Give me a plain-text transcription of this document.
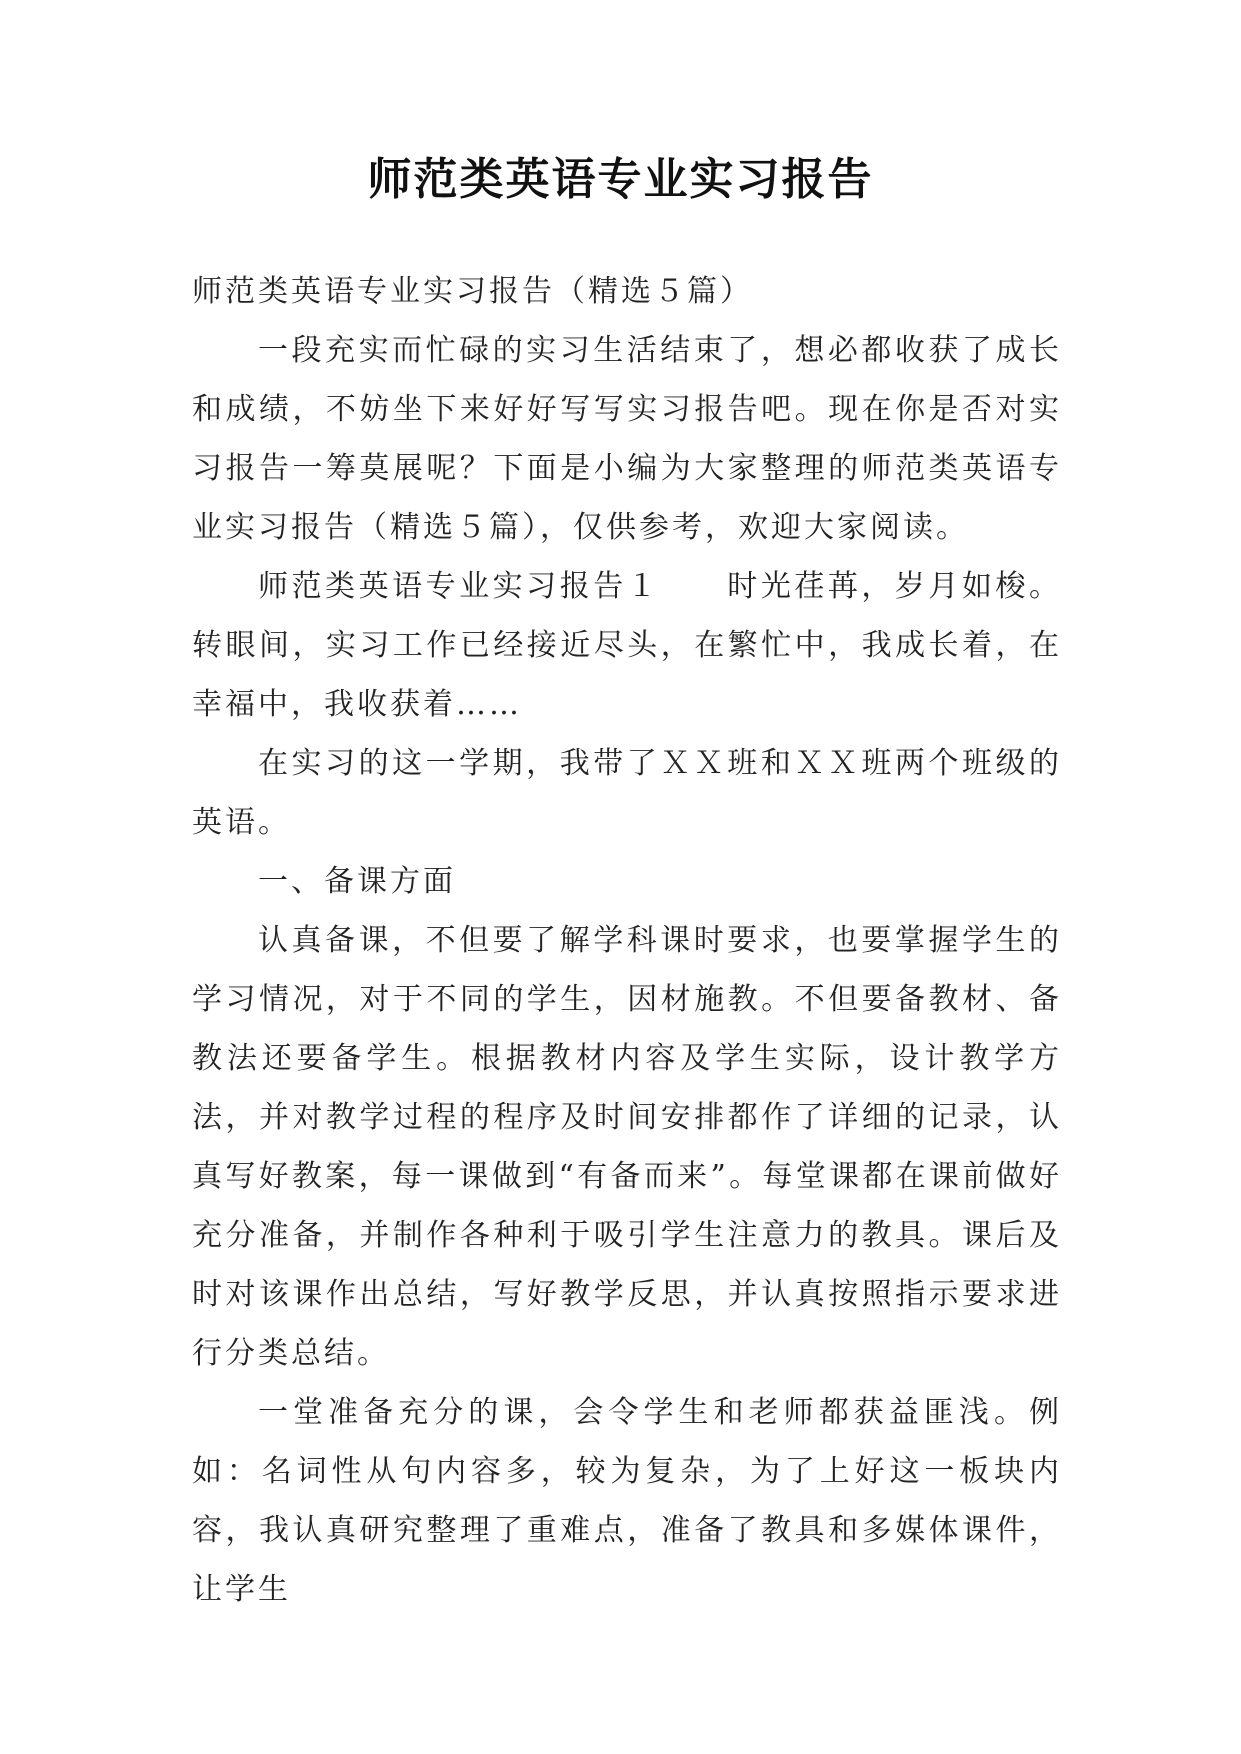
师范类英语专业实习报告

师范类英语专业实习报告（精选５篇）

一段充实而忙碌的实习生活结束了，想必都收获了成长和成绩，不妨坐下来好好写写实习报告吧。现在你是否对实习报告一筹莫展呢？下面是小编为大家整理的师范类英语专业实习报告（精选５篇），仅供参考，欢迎大家阅读。

师范类英语专业实习报告１　　时光荏苒，岁月如梭。转眼间，实习工作已经接近尽头，在繁忙中，我成长着，在幸福中，我收获着……

在实习的这一学期，我带了ＸＸ班和ＸＸ班两个班级的英语。

一、备课方面

认真备课，不但要了解学科课时要求，也要掌握学生的学习情况，对于不同的学生，因材施教。不但要备教材、备教法还要备学生。根据教材内容及学生实际，设计教学方法，并对教学过程的程序及时间安排都作了详细的记录，认真写好教案，每一课做到“有备而来”。每堂课都在课前做好充分准备，并制作各种利于吸引学生注意力的教具。课后及时对该课作出总结，写好教学反思，并认真按照指示要求进行分类总结。

一堂准备充分的课，会令学生和老师都获益匪浅。例如：名词性从句内容多，较为复杂，为了上好这一板块内容，我认真研究整理了重难点，准备了教具和多媒体课件，让学生
